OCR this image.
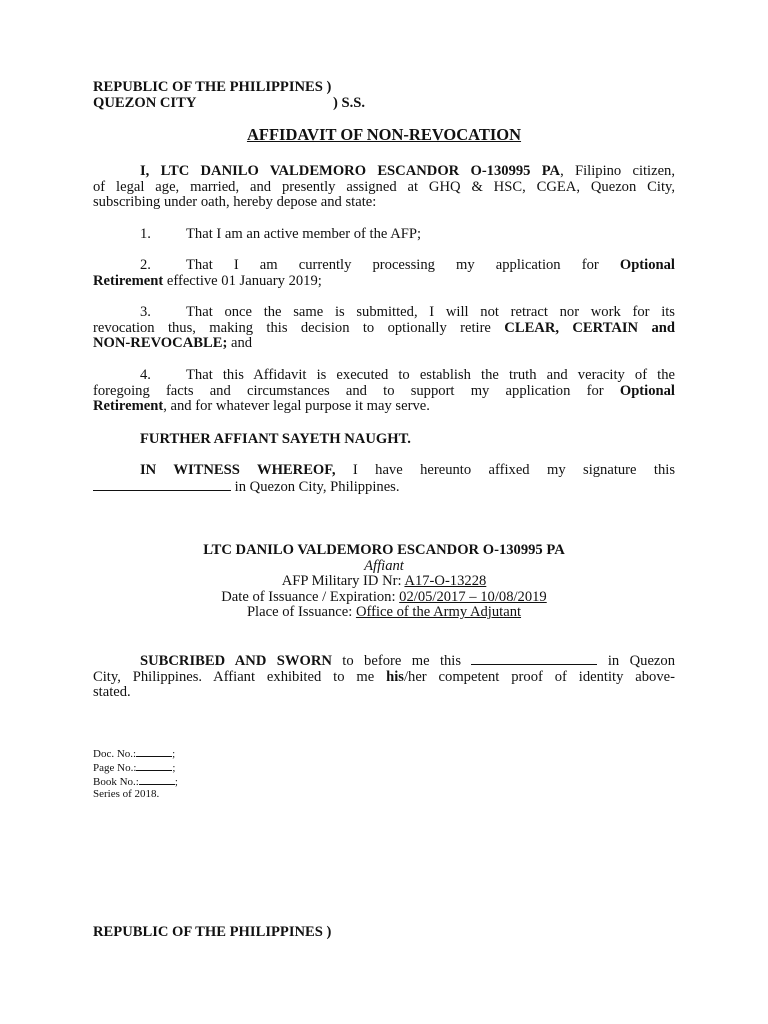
REPUBLIC OF THE PHILIPPINES )
QUEZON CITY	) S.S.
AFFIDAVIT OF NON-REVOCATION
I, LTC DANILO VALDEMORO ESCANDOR O-130995 PA, Filipino citizen,
of legal age, married, and presently assigned at GHQ & HSC, CGEA, Quezon City,
subscribing under oath, hereby depose and state:
1. That I am an active member of the AFP;
2. That I am currently processing my application for Optional
Retirement effective 01 January 2019;
3. That once the same is submitted, I will not retract nor work for its
revocation thus, making this decision to optionally retire CLEAR, CERTAIN and
NON-REVOCABLE; and
4. That this Affidavit is executed to establish the truth and veracity of the
foregoing facts and circumstances and to support my application for Optional
Retirement, and for whatever legal purpose it may serve.
FURTHER AFFIANT SAYETH NAUGHT.
IN WITNESS WHEREOF, I have hereunto affixed my signature this
in Quezon City, Philippines.
LTC DANILO VALDEMORO ESCANDOR O-130995 PA
Affiant
AFP Military ID Nr: A17-O-13228
Date of Issuance / Expiration: 02/05/2017 – 10/08/2019
Place of Issuance: Office of the Army Adjutant
SUBCRIBED AND SWORN to before me this	in Quezon
City, Philippines. Affiant exhibited to me his/her competent proof of identity above-
stated.
Doc. No.:	;
Page No.:	;
Book No.:	;
Series of 2018.
REPUBLIC OF THE PHILIPPINES )
